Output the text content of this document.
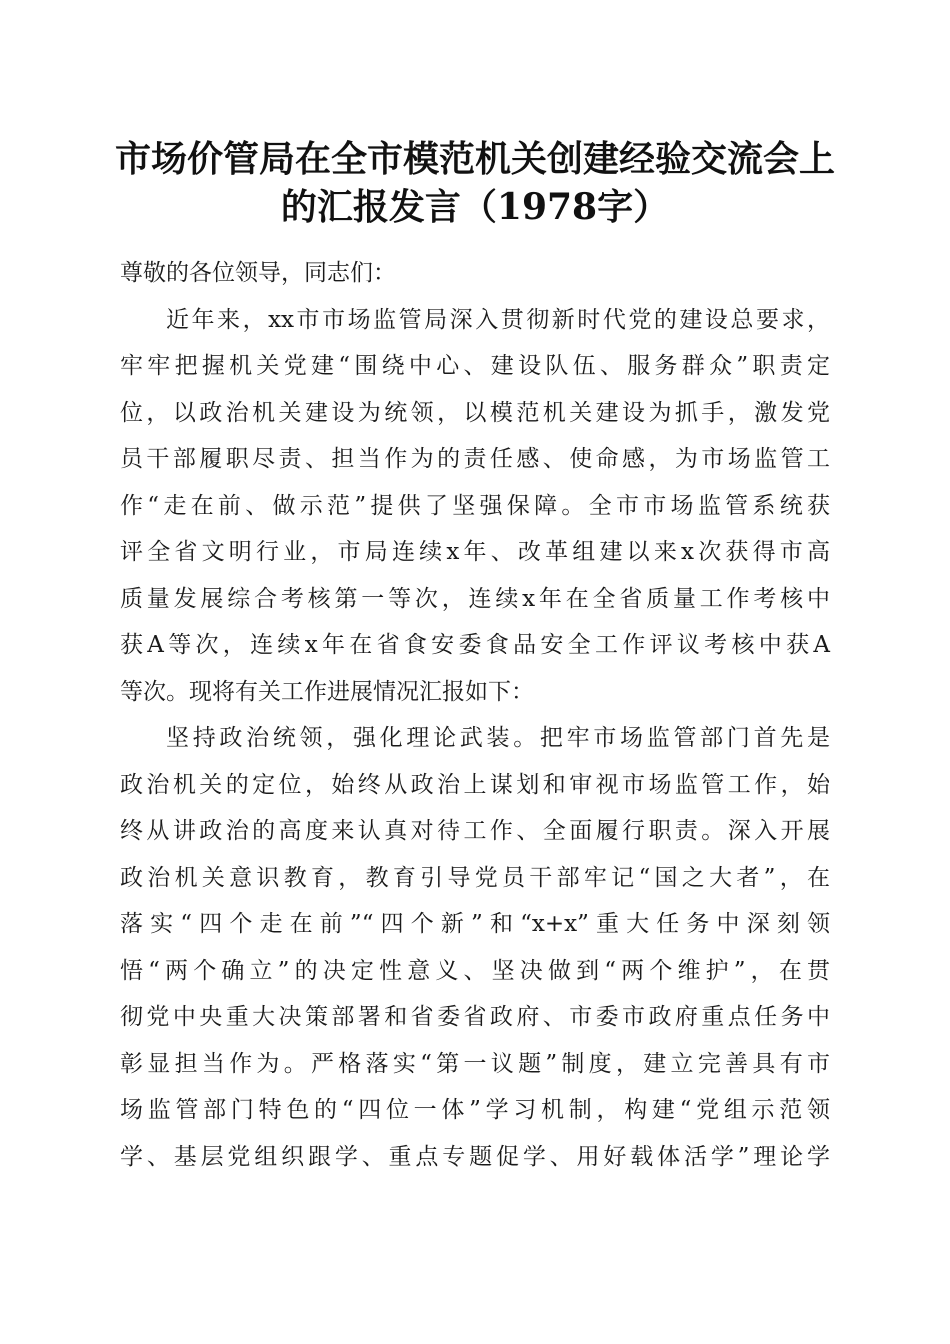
市场价管局在全市模范机关创建经验交流会上
的汇报发言（1978字）
尊敬的各位领导，同志们：
近年来，xx市市场监管局深入贯彻新时代党的建设总要求，
牢牢把握机关党建“围绕中心、建设队伍、服务群众”职责定
位，以政治机关建设为统领，以模范机关建设为抓手，激发党
员干部履职尽责、担当作为的责任感、使命感，为市场监管工
作“走在前、做示范”提供了坚强保障。全市市场监管系统获
评全省文明行业，市局连续x年、改革组建以来x次获得市高
质量发展综合考核第一等次，连续x年在全省质量工作考核中
获A等次，连续x年在省食安委食品安全工作评议考核中获A
等次。现将有关工作进展情况汇报如下：
坚持政治统领，强化理论武装。把牢市场监管部门首先是
政治机关的定位，始终从政治上谋划和审视市场监管工作，始
终从讲政治的高度来认真对待工作、全面履行职责。深入开展
政治机关意识教育，教育引导党员干部牢记“国之大者”，在
落实“四个走在前”“四个新”和“x+x”重大任务中深刻领
悟“两个确立”的决定性意义、坚决做到“两个维护”，在贯
彻党中央重大决策部署和省委省政府、市委市政府重点任务中
彰显担当作为。严格落实“第一议题”制度，建立完善具有市
场监管部门特色的“四位一体”学习机制，构建“党组示范领
学、基层党组织跟学、重点专题促学、用好载体活学”理论学
